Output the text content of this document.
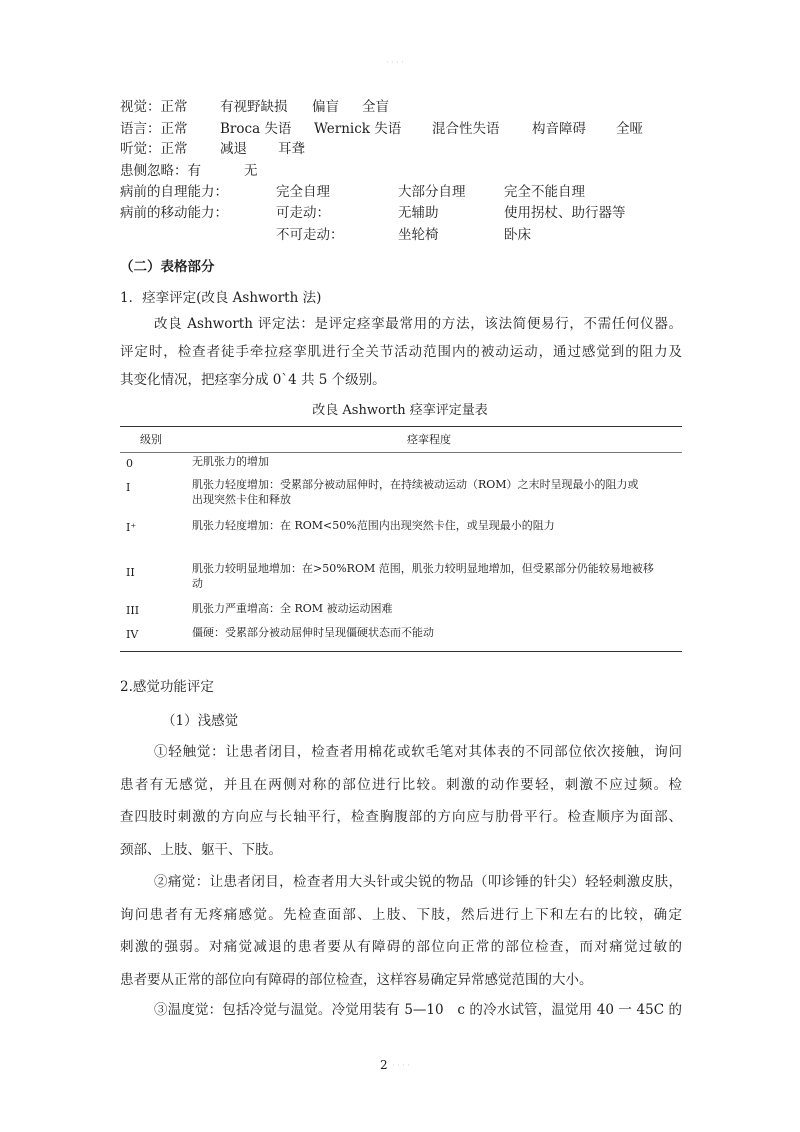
· · · ·
视觉：正常 有视野缺损 偏盲 全盲
语言：正常 Broca 失语 Wernick 失语 混合性失语 构音障碍 全哑
听觉：正常 减退 耳聋
患侧忽略：有	无
病前的自理能力：	完全自理	大部分自理	完全不能自理
病前的移动能力：	可走动：	无辅助	使用拐杖、助行器等
不可走动：	坐轮椅	卧床
（二）表格部分
1．痉挛评定(改良 Ashworth 法)
改良 Ashworth 评定法：是评定痉挛最常用的方法，该法简便易行，不需任何仪器。
评定时，检查者徒手牵拉痉挛肌进行全关节活动范围内的被动运动，通过感觉到的阻力及
其变化情况，把痉挛分成 0`4 共 5 个级别。
改良 Ashworth 痉挛评定量表
级别	痉挛程度
0	无肌张力的增加
I	肌张力轻度增加：受累部分被动屈伸时，在持续被动运动（ROM）之末时呈现最小的阻力或
出现突然卡住和释放
I⁺	肌张力轻度增加：在 ROM<50%范围内出现突然卡住，或呈现最小的阻力
II	肌张力较明显地增加：在>50%ROM 范围，肌张力较明显地增加，但受累部分仍能较易地被移
动
III	肌张力严重增高：全 ROM 被动运动困难
IV	僵硬：受累部分被动屈伸时呈现僵硬状态而不能动
2.感觉功能评定
（1）浅感觉
①轻触觉：让患者闭目，检查者用棉花或软毛笔对其体表的不同部位依次接触，询问
患者有无感觉，并且在两侧对称的部位进行比较。刺激的动作要轻，刺激不应过频。检
查四肢时刺激的方向应与长轴平行，检查胸腹部的方向应与肋骨平行。检查顺序为面部、
颈部、上肢、躯干、下肢。
②痛觉：让患者闭目，检查者用大头针或尖锐的物品（叩诊锤的针尖）轻轻刺激皮肤，
询问患者有无疼痛感觉。先检查面部、上肢、下肢，然后进行上下和左右的比较，确定
刺激的强弱。对痛觉减退的患者要从有障碍的部位向正常的部位检查，而对痛觉过敏的
患者要从正常的部位向有障碍的部位检查，这样容易确定异常感觉范围的大小。
③温度觉：包括冷觉与温觉。冷觉用装有 5—10　c 的冷水试管，温觉用 40 一 45C 的
2 · · · ·
